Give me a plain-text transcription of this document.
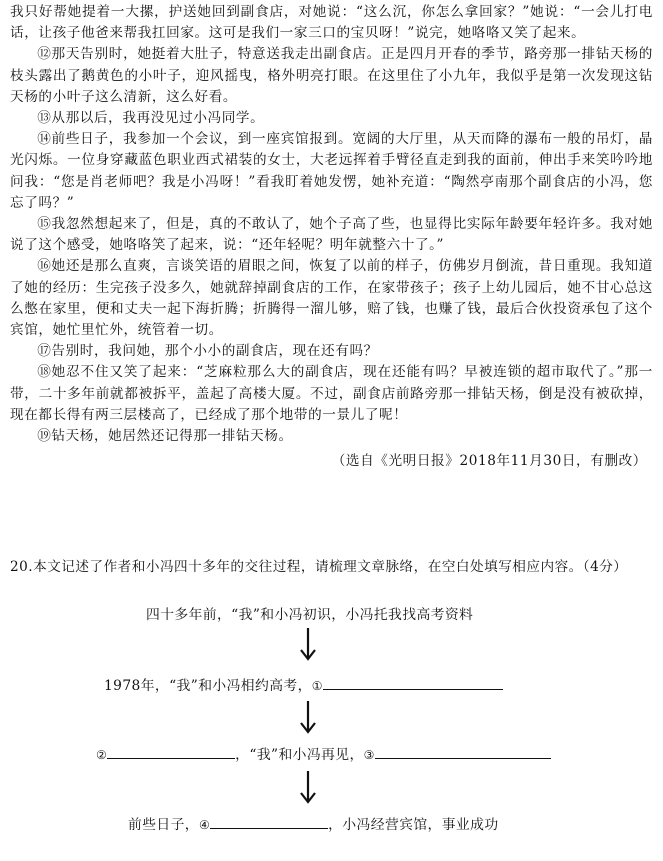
我只好帮她提着一大摞，护送她回到副食店，对她说：“这么沉，你怎么拿回家？”她说：“一会儿打电话，让孩子他爸来帮我扛回家。这可是我们一家三口的宝贝呀！”说完，她咯咯又笑了起来。

⑫那天告别时，她挺着大肚子，特意送我走出副食店。正是四月开春的季节，路旁那一排钻天杨的枝头露出了鹅黄色的小叶子，迎风摇曳，格外明亮打眼。在这里住了小九年，我似乎是第一次发现这钻天杨的小叶子这么清新，这么好看。

⑬从那以后，我再没见过小冯同学。

⑭前些日子，我参加一个会议，到一座宾馆报到。宽阔的大厅里，从天而降的瀑布一般的吊灯，晶光闪烁。一位身穿藏蓝色职业西式裙装的女士，大老远挥着手臂径直走到我的面前，伸出手来笑吟吟地问我：“您是肖老师吧？我是小冯呀！”看我盯着她发愣，她补充道：“陶然亭南那个副食店的小冯，您忘了吗？”

⑮我忽然想起来了，但是，真的不敢认了，她个子高了些，也显得比实际年龄要年轻许多。我对她说了这个感受，她咯咯笑了起来，说：“还年轻呢？明年就整六十了。”

⑯她还是那么直爽，言谈笑语的眉眼之间，恢复了以前的样子，仿佛岁月倒流，昔日重现。我知道了她的经历：生完孩子没多久，她就辞掉副食店的工作，在家带孩子；孩子上幼儿园后，她不甘心总这么憋在家里，便和丈夫一起下海折腾；折腾得一溜儿够，赔了钱，也赚了钱，最后合伙投资承包了这个宾馆，她忙里忙外，统管着一切。

⑰告别时，我问她，那个小小的副食店，现在还有吗？

⑱她忍不住又笑了起来：“芝麻粒那么大的副食店，现在还能有吗？早被连锁的超市取代了。”那一带，二十多年前就都被拆平，盖起了高楼大厦。不过，副食店前路旁那一排钻天杨，倒是没有被砍掉，现在都长得有两三层楼高了，已经成了那个地带的一景儿了呢！

⑲钻天杨，她居然还记得那一排钻天杨。

（选自《光明日报》2018年11月30日，有删改）
20.本文记述了作者和小冯四十多年的交往过程，请梳理文章脉络，在空白处填写相应内容。（4分）
四十多年前，“我”和小冯初识，小冯托我找高考资料
1978年，“我”和小冯相约高考，①
②	，“我”和小冯再见，③
前些日子，④	，小冯经营宾馆，事业成功
